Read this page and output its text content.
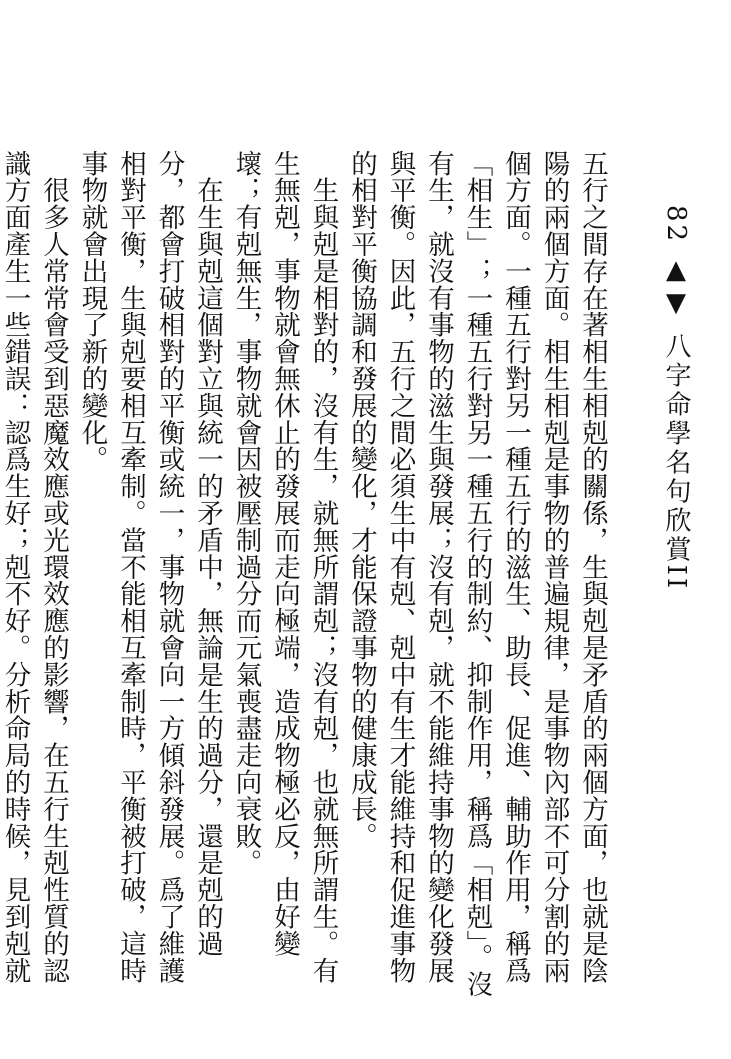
82 ▲▼ 八字命學名句欣賞II

五行之間存在著相生相剋的關係，生與剋是矛盾的兩個方面，也就是陰陽的兩個方面。相生相剋是事物的普遍規律，是事物內部不可分割的兩個方面。一種五行對另一種五行的滋生、助長、促進、輔助作用，稱爲「相生」；一種五行對另一種五行的制約、抑制作用，稱爲「相剋」。沒有生，就沒有事物的滋生與發展；沒有剋，就不能維持事物的變化發展與平衡。因此，五行之間必須生中有剋、剋中有生才能維持和促進事物的相對平衡協調和發展的變化，才能保證事物的健康成長。

　生與剋是相對的，沒有生，就無所謂剋；沒有剋，也就無所謂生。有生無剋，事物就會無休止的發展而走向極端，造成物極必反，由好變壞；有剋無生，事物就會因被壓制過分而元氣喪盡走向衰敗。

　在生與剋這個對立與統一的矛盾中，無論是生的過分，還是剋的過分，都會打破相對的平衡或統一，事物就會向一方傾斜發展。爲了維護相對平衡，生與剋要相互牽制。當不能相互牽制時，平衡被打破，這時事物就會出現了新的變化。

　很多人常常會受到惡魔效應或光環效應的影響，在五行生剋性質的認識方面產生一些錯誤：認爲生好；剋不好。分析命局的時候，見到剋就
